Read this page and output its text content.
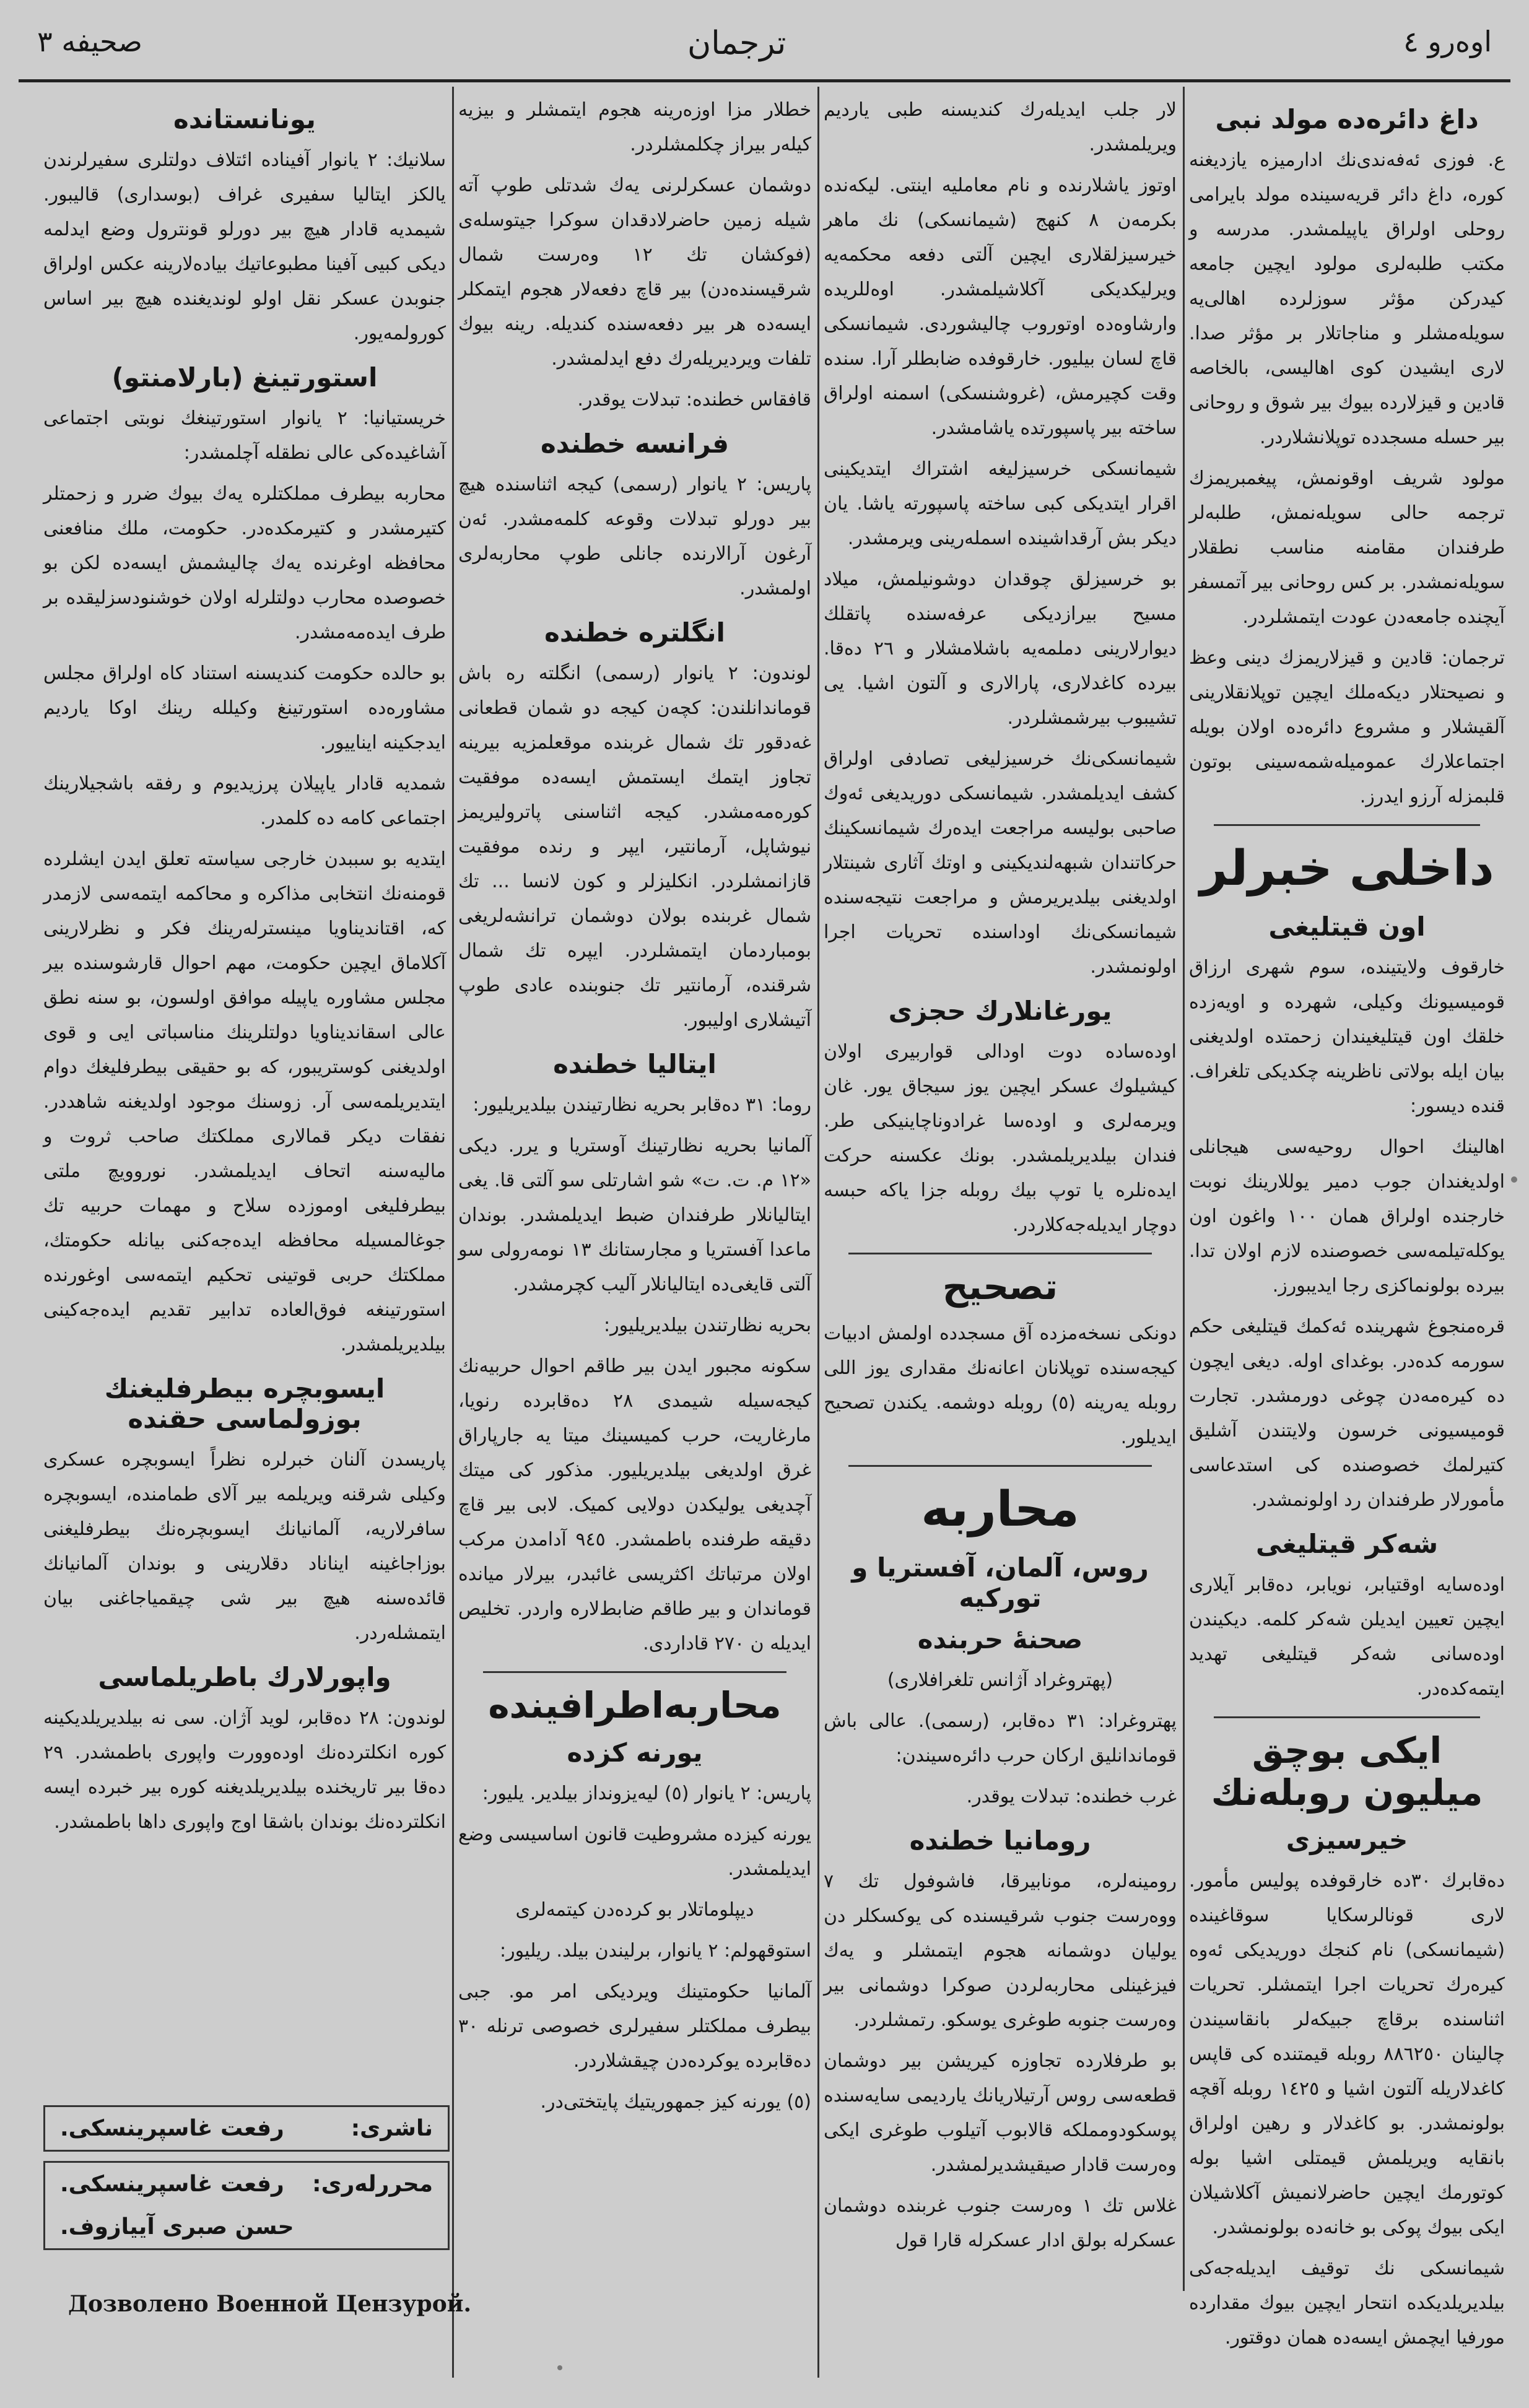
صحیفه ٣	ترجمان	اوه‌رو ٤
داغ دائره‌ده مولد نبی

ع. فوزی ئه‌فه‌ندی‌نك ادارمیزه یازدیغنه کوره، داغ دائر قریه‌سینده مولد بایرامی روحلی اولراق یاپیلمشدر. مدرسه و مکتب طلبه‌لری مولود ایچین جامعه کیدرکن مؤثر سوزلرده اهالی‌یه سویله‌مشلر و مناجاتلار بر مؤثر صدا. لاری ایشیدن کوی اهالیسی، بالخاصه قادین و قیزلارده بیوك بیر شوق و روحانی بیر حسله مسجدده توپلانشلاردر.

مولود شریف اوقونمش، پیغمبریمزك ترجمه حالی سویله‌نمش، طلبه‌لر طرفندان مقامنه مناسب نطقلار سویله‌نمشدر. بر کس روحانی بیر آتمسفر آیچنده جامعه‌دن عودت ایتمشلردر.

ترجمان: قادین و قیزلاریمزك دینی وعظ و نصیحتلار دیکه‌ملك ایچین توپلانقلارینی آلقیشلار و مشروع دائره‌ده اولان بویله اجتماعلارك عمومیله‌شمه‌سینی بوتون قلبمزله آرزو ایدرز.

داخلی خبرلر
اون قیتلیغی

خارقوف ولایتینده، سوم شهری ارزاق قومیسیونك وکیلی، شهرده و اویه‌زده خلقك اون قیتلیغیندان زحمتده اولدیغنی بیان ایله بولاتی ناظرینه چکدیکی تلغراف. قنده دیسور:

اهالینك احوال روحیه‌سی هیجانلی اولدیغندان جوب دمیر یوللارینك نوبت خارجنده اولراق همان ١٠٠ واغون اون یوکله‌تیلمه‌سی خصوصنده لازم اولان تدا. بیرده بولونماکزی رجا ایدیبورز.

قره‌منجوغ شهرینده ئه‌کمك قیتلیغی حکم سورمه کده‌در. بوغدای اوله. دیغی ایچون ده کیره‌مه‌دن چوغی دورمشدر. تجارت قومیسیونی خرسون ولایتندن آشلیق کتیرلمك خصوصنده کی استدعاسی مأمورلار طرفندان رد اولونمشدر.

شه‌كر قیتلیغی

اوده‌سایه اوقتیابر، نویابر، ده‌قابر آیلاری ایچین تعیین ایدیلن شه‌كر کلمه. دیکیندن اوده‌سانی شه‌كر قیتلیغی تهدید ایتمه‌کده‌در.

ایکی بوچق میلیون روبله‌نك
خیرسیزی

ده‌قابرك ٣٠ده خارقوفده پولیس مأمور. لاری قونالرسکایا سوقاغینده (شیمانسکی) نام کنجك دوریدیکی ئه‌وه کیره‌رك تحریات اجرا ایتمشلر. تحریات اثناسنده برقاچ جبیکه‌لر بانقاسیندن چالینان ٨٨٦٢٥٠ روبله قیمتنده کی قاپس کاغدلاریله آلتون اشیا و ١٤٢٥ روبله آقچه بولونمشدر. بو کاغدلار و رهین اولراق بانقایه ویریلمش قیمتلی اشیا بوله کوتورمك ایچین حاضرلانمیش آکلاشیلان ایکی بیوك پوکی بو خانه‌ده بولونمشدر.

شیمانسکی نك توقیف ایدیله‌جه‌کی بیلدیریلدیکده انتحار ایچین بیوك مقدارده مورفیا ایچمش ایسه‌ده همان دوقتور.

لار جلب ایدیله‌رك کندیسنه طبی یاردیم ویریلمشدر.

اوتوز یاشلارنده و نام معاملیه اینتی. لیکه‌نده بکرمه‌ن ٨ کنهج (شیمانسکی) نك ماهر خیرسیزلقلاری ایچین آلتی دفعه محکمه‌یه ویرلیکدیکی آکلاشیلمشدر. اوه‌للریده وارشاوه‌ده اوتوروب چالیشوردی. شیمانسکی قاچ لسان بیلیور. خارقوفده ضابطلر آرا. سنده وقت کچیرمش، (غروشنسکی) اسمنه اولراق ساخته بیر پاسپورتده یاشامشدر.

شیمانسکی خرسیزلیغه اشتراك ایتدیکینی اقرار ایتدیکی کبی ساخته پاسپورته یاشا. یان دیکر بش آرقداشینده اسمله‌رینی ویرمشدر.

بو خرسیزلق چوقدان دوشونیلمش، میلاد مسیح بیرازدیکی عرفه‌سنده پاتقلك دیوارلارینی دملمه‌یه باشلامشلار و ٢٦ ده‌قا. بیرده کاغدلاری، پارالاری و آلتون اشیا. یی تشیبوب بیرشمشلردر.

شیمانسکی‌نك خرسیزلیغی تصادفی اولراق کشف ایدیلمشدر. شیمانسکی دوریدیغی ئه‌وك صاحبی بولیسه مراجعت ایده‌رك شیمانسکینك حرکاتندان شبهه‌لندیکینی و اوتك آثاری شینتلار اولدیغنی بیلدیریرمش و مراجعت نتیجه‌سنده شیمانسکی‌نك اوداسنده تحریات اجرا اولونمشدر.

یورغانلارك حجزی

اوده‌ساده دوت اودالی قواربیری اولان کیشیلوك عسکر ایچین یوز سیجاق یور. غان ویرمه‌لری و اوده‌سا غرادوناچاینیکی طر. فندان بیلدیریلمشدر. بونك عکسنه حرکت ایده‌نلره یا توپ بیك روبله جزا یاکه حبسه دوچار ایدیله‌جه‌کلاردر.

تصحیح

دونکی نسخه‌مزده آق مسجدده اولمش ادبیات کیجه‌سنده توپلانان اعانه‌نك مقداری یوز اللی روبله یه‌رینه (٥) روبله دوشمه. یکندن تصحیح ایدیلور.

محاربه
روس، آلمان، آفستریا و تورکیه
صحنهٔ حربنده

(پهتروغراد آژانس تلغرافلاری)

پهتروغراد: ٣١ ده‌قابر، (رسمی). عالی باش قوماندانلیق ارکان حرب دائره‌سیندن:

غرب خطنده: تبدلات یوقدر.

رومانیا خطنده

رومینه‌لره، مونابیرقا، فاشوفول تك ٧ ووه‌رست جنوب شرقیسنده کی یوکسکلر دن یولیان دوشمانه هجوم ایتمشلر و یه‌ك فیزغینلی محاربه‌لردن صوكرا دوشمانی بیر وه‌رست جنوبه طوغری یوسكو. رتمشلردر.

بو طرفلارده تجاوزه کیریشن بیر دوشمان قطعه‌سی روس آرتیلاریانك یاردیمی سایه‌سنده پوسکودومملکه قالابوب آتیلوب طوغری ایکی وه‌رست قادار صیقیشدیرلمشدر.

غلاس تك ١ وه‌رست جنوب غربنده دوشمان عسکرله بولق ادار عسکرله قارا قول

خطلار مزا اوزه‌رینه هجوم ایتمشلر و بیزیه کیله‌ر بیراز چکلمشلردر.

دوشمان عسکرلرنی یه‌ك شدتلی طوپ آته شیله زمین حاضرلادقدان سوکرا جیتوسله‌ی (فوکشان تك ١٢ وه‌رست شمال شرقیسنده‌دن) بیر قاچ دفعه‌لار هجوم ایتمکلر ایسه‌ده هر بیر دفعه‌سنده کندیله. رینه بیوك تلفات ویردیریله‌رك دفع ایدلمشدر.

قافقاس خطنده: تبدلات یوقدر.

فرانسه خطنده

پاریس: ٢ یانوار (رسمی) کیجه اثناسنده هیچ بیر دورلو تبدلات وقوعه کلمه‌مشدر. ئه‌ن آرغون آرالارنده جانلی طوپ محاربه‌لری اولمشدر.

انگلتره خطنده

لوندون: ٢ یانوار (رسمی) انگلته ره باش قوماندانلندن: کچه‌ن کیجه دو شمان قطعانی غه‌دقور تك شمال غربنده موقعلمزیه بیرینه تجاوز ایتمك ایستمش ایسه‌ده موفقیت کوره‌مه‌مشدر. کیجه اثناسنی پاترولیریمز نیوشاپل، آرمانتیر، ایپر و رنده موفقیت قازانمشلردر. انکلیزلر و کون لانسا ... تك شمال غربنده بولان دوشمان ترانشه‌لریغی بومباردمان ایتمشلردر. ایپره تك شمال شرقنده، آرمانتیر تك جنوبنده عادی طوپ آتیشلاری اولیبور.

ایتالیا خطنده

روما: ٣١ ده‌قابر بحریه نظارتیندن بیلدیریلیور:

آلمانیا بحریه نظارتینك آوستریا و یرر. دیکی «١٢ م. ت. ت» شو اشارتلی سو آلتی قا. یغی ایتالیانلار طرفندان ضبط ایدیلمشدر. بوندان ماعدا آفستریا و مجارستانك ١٣ نومه‌رولی سو آلتی قایغی‌ده ایتالیانلار آلیب کچرمشدر.

بحریه نظارتندن بیلدیریلیور:

سکونه مجبور ایدن بیر طاقم احوال حربیه‌نك کیجه‌سیله شیمدی ٢٨ ده‌قابرده رنویا، مارغاریت، حرب کمیسینك میتا یه جارپاراق غرق اولدیغی بیلدیریلیور. مذکور کی میتك آچدیغی یولیکدن دولایی کمیک. لابی بیر قاچ دقیقه طرفنده باطمشدر. ٩٤٥ آدامدن مرکب اولان مرتباتك اکثریسی غائبدر، بیرلار میانده قوماندان و بیر طاقم ضابط‌لاره واردر. تخلیص ایدیله ن ٢٧٠ قادار‌دی.

محاربه‌اطرافینده
یورنه کزده

پاریس: ٢ یانوار (٥) لیه‌یزونداز بیلدیر. یلیور:

یورنه کیزده مشروطیت قانون اساسیسی وضع ایدیلمشدر.

دیپلوماتلار بو کرده‌دن کیتمه‌لری

استوقهولم: ٢ یانوار، برلیندن بیلد. ریلیور:

آلمانیا حکومتینك ویردیکی امر مو. جبی بیطرف مملکتلر سفیرلری خصوصی ترنله ٣٠ ده‌قابرده یوکرده‌دن چیقشلاردر.

(٥) یورنه کیز جمهوریتیك پایتختی‌در.

یونانستانده

سلانیك: ٢ یانوار آفیناده ائتلاف دولتلری سفیرلرندن یالکز ایتالیا سفیری غراف (بوسداری) قالیبور. شیمدیه قادار هیچ بیر دورلو قونترول وضع ایدلمه دیکی کبیی آفینا مطبوعاتیك بیاده‌لارینه عکس اولراق جنوبدن عسکر نقل اولو لوندیغنده هیچ بیر اساس کورولمه‌یور.

استورتینغ (بارلامنتو)

خریستیانیا: ٢ یانوار استورتینغك نوبتی اجتماعی آشاغیده‌کی عالی نطقله آچلمشدر:

محاربه بیطرف مملکتلره یه‌ك بیوك ضرر و زحمتلر کتیرمشدر و کتیرمکده‌در. حکومت، ملك منافعنی محافظه اوغرنده یه‌ك چالیشمش ایسه‌ده لکن بو خصوصده محارب دولتلرله اولان خوشنودسزلیقده بر طرف ایده‌مه‌مشدر.

بو حالده حکومت کندیسنه استناد کاه اولراق مجلس مشاوره‌ده استورتینغ وکیلله رینك اوکا یاردیم ایدجکینه ایناییور.

شمدیه قادار یاپیلان پرزیدیوم و رفقه باشجیلارینك اجتماعی کامه ده کلمدر.

ایتدیه بو سببدن خارجی سیاسته تعلق ایدن ایشلرده قومنه‌نك انتخابی مذاکره و محاکمه ایتمه‌سی لازمدر که، اقتاندیناویا مینسترله‌رینك فکر و نظرلارینی آکلاماق ایچین حکومت، مهم احوال قارشوسنده بیر مجلس مشاوره یاپیله موافق اولسون، بو سنه نطق عالی اسقاندیناویا دولتلرینك مناسباتی ایی و قوی اولدیغنی کوستریبور، که بو حقیقی بیطرفلیغك دوام ایتدیریلمه‌سی آر. زوسنك موجود اولدیغنه شاهددر. نفقات دیکر قمالاری مملکتك صاحب ثروت و مالیه‌سنه اتحاف ایدیلمشدر. نوروویچ ملتی بیطرفلیغی اوموزده سلاح و مهمات حربیه تك جوغالمسیله محافظه ایده‌جه‌کنی بیانله حکومتك، مملکتك حربی قوتینی تحکیم ایتمه‌سی اوغورنده استورتینغه فوق‌العاده تدابیر تقدیم ایده‌جه‌کینی بیلدیریلمشدر.

ایسوبچره بیطرفلیغنك بوزولماسی حقنده

پاریسدن آلنان خبرلره نظراً ایسوبچره عسکری وکیلی شرقنه ویریلمه بیر آلای طمامنده، ایسوبچره سافرلاریه، آلمانیانك ایسوبچره‌نك بیطرفلیغنی بوزاجاغینه ایناناد دقلارینی و بوندان آلمانیانك قائده‌سنه هیچ بیر شی چیقمیاجاغنی بیان ایتمشله‌ردر.

واپورلارك باطریلماسی

لوندون: ٢٨ ده‌قابر، لوید آژان. سی نه بیلدیریلدیکینه کوره انکلترده‌نك اوده‌وورت واپوری باطمشدر. ٢٩ ده‌قا بیر تاریخنده بیلدیریلدیغنه کوره بیر خبرده ایسه انکلترده‌نك بوندان باشقا اوج واپوری داها باطمشدر.

ناشری:
رفعت غاسپرینسکی.
محررله‌ری:
رفعت غاسپرینسکی.
حسن صبری آییازوف.
Дозволено Военной Цензурой.
